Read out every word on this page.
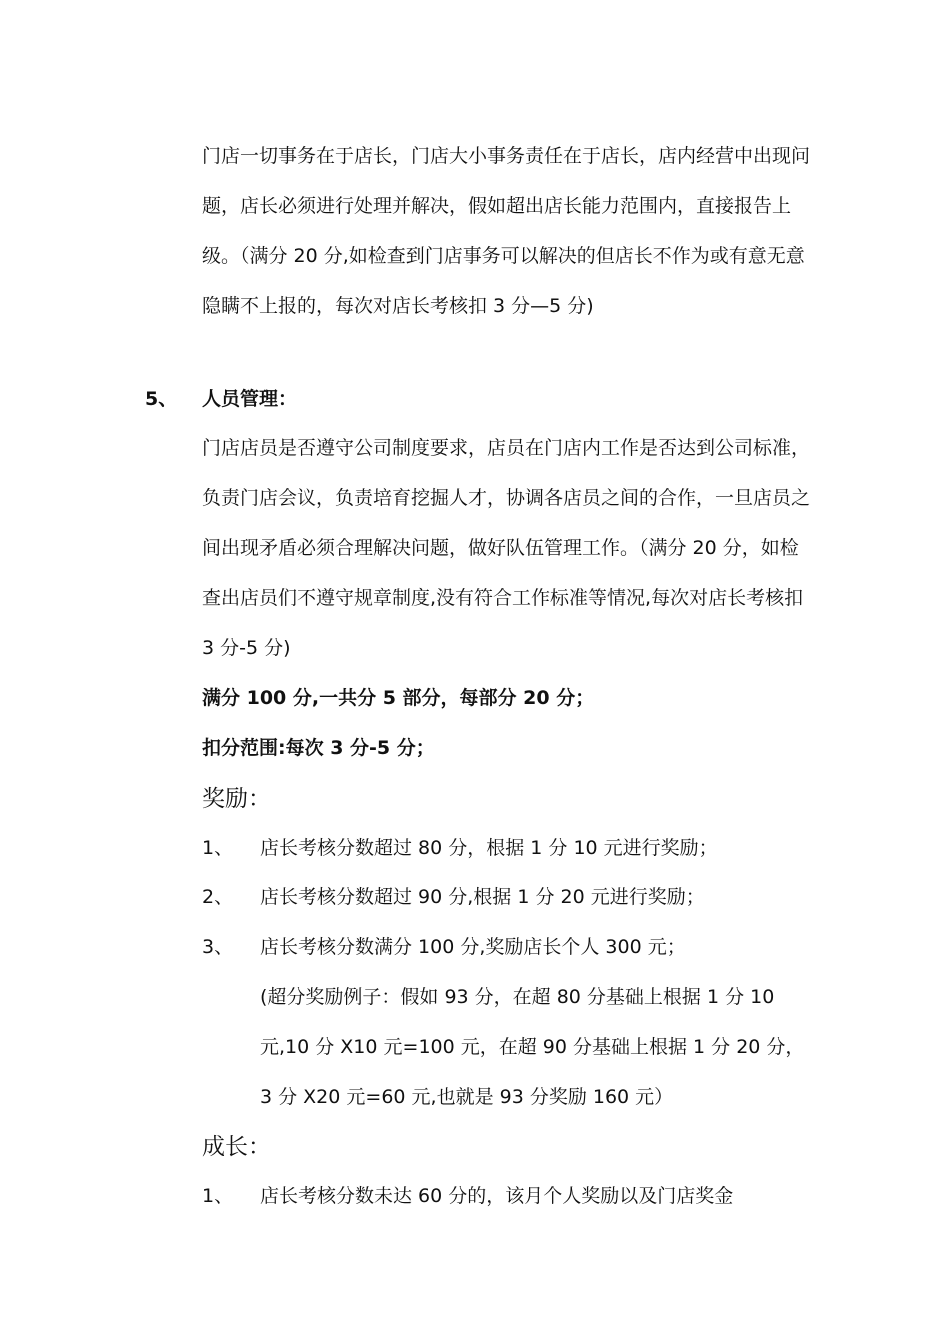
门店一切事务在于店长，门店大小事务责任在于店长，店内经营中出现问题，店长必须进行处理并解决，假如超出店长能力范围内，直接报告上级。（满分 20 分,如检查到门店事务可以解决的但店长不作为或有意无意隐瞒不上报的，每次对店长考核扣 3 分—5 分)

5、 人员管理：

门店店员是否遵守公司制度要求，店员在门店内工作是否达到公司标准，负责门店会议，负责培育挖掘人才，协调各店员之间的合作，一旦店员之间出现矛盾必须合理解决问题，做好队伍管理工作。（满分 20 分，如检查出店员们不遵守规章制度,没有符合工作标准等情况,每次对店长考核扣 3 分-5 分)

满分 100 分,一共分 5 部分，每部分 20 分；

扣分范围:每次 3 分-5 分；

奖励：

1、 店长考核分数超过 80 分，根据 1 分 10 元进行奖励；

2、 店长考核分数超过 90 分,根据 1 分 20 元进行奖励；

3、 店长考核分数满分 100 分,奖励店长个人 300 元；

(超分奖励例子：假如 93 分，在超 80 分基础上根据 1 分 10 元,10 分 X10 元=100 元，在超 90 分基础上根据 1 分 20 分，3 分 X20 元=60 元,也就是 93 分奖励 160 元）

成长：

1、 店长考核分数未达 60 分的，该月个人奖励以及门店奖金
